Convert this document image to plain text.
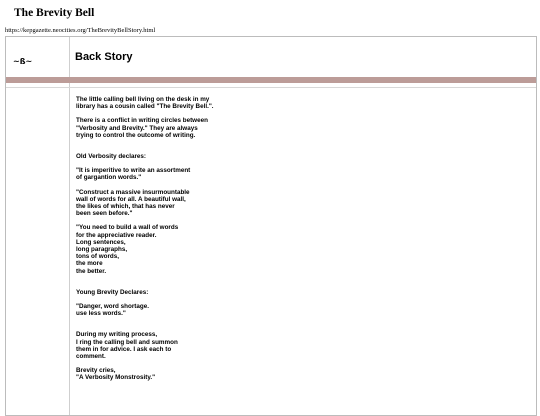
The Brevity Bell
https://kepgazette.neocities.org/TheBrevityBellStory.html
~ß~	Back Story

The little calling bell living on the desk in my
library has a cousin called "The Brevity Bell.".

There is a conflict in writing circles between
"Verbosity and Brevity." They are always
trying to control the outcome of writing.

Old Verbosity declares:

"It is imperitive to write an assortment
of gargantion words."

"Construct a massive insurmountable
wall of words for all. A beautiful wall,
the likes of which, that has never
been seen before."

"You need to build a wall of words
for the appreciative reader.
Long sentences,
long paragraphs,
tons of words,
the more
the better.

Young Brevity Declares:

"Danger, word shortage.
use less words."

During my writing process,
I ring the calling bell and summon
them in for advice. I ask each to
comment.

Brevity cries,
"A Verbosity Monstrosity."
